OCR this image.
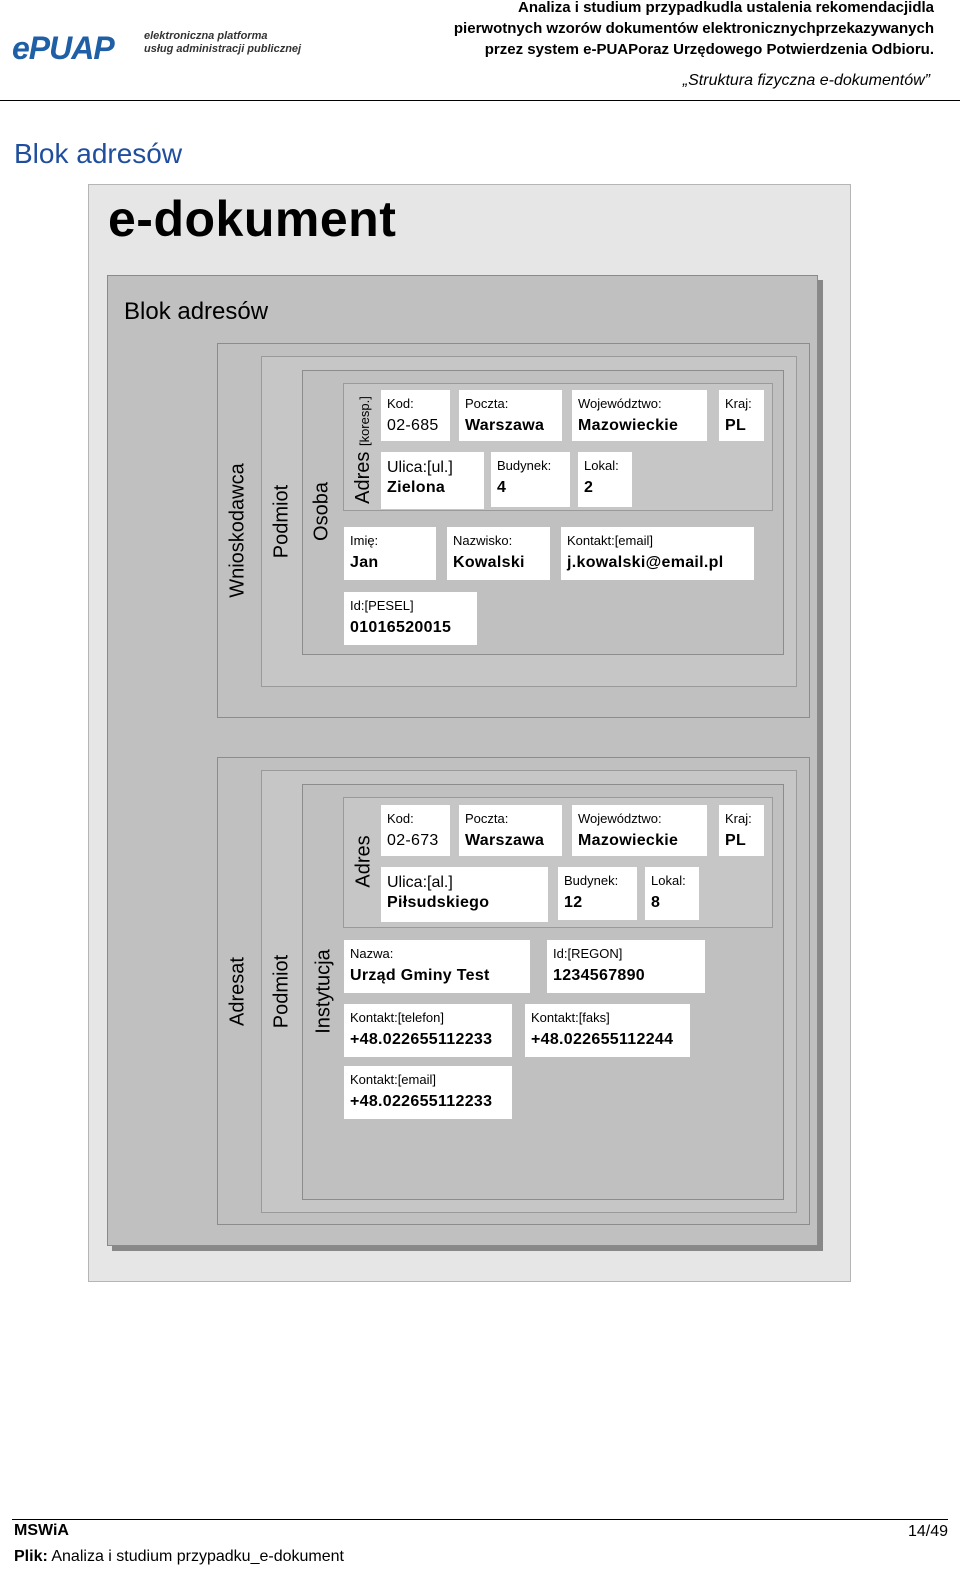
ePUAP	elektroniczna platforma
usług administracji publicznej
Analiza i studium przypadkudla ustalenia rekomendacjidla
pierwotnych wzorów dokumentów elektronicznychprzekazywanych
przez system e-PUAPoraz Urzędowego Potwierdzenia Odbioru.
„Struktura fizyczna e-dokumentów”
Blok adresów
e-dokument
Blok adresów
Wnioskodawca Podmiot Osoba
Adres [koresp.]	Kod:
02-685
Poczta:
Warszawa
Województwo:
Mazowieckie
Kraj:
PL
Ulica:[ul.]
Zielona
Budynek:
4
Lokal:
2
Imię:
Jan
Nazwisko:
Kowalski
Kontakt:[email]
j.kowalski@email.pl
Id:[PESEL]
01016520015
Adresat Podmiot Instytucja
Adres
Kod:
02-673
Poczta:
Warszawa
Województwo:
Mazowieckie
Kraj:
PL
Ulica:[al.]
Piłsudskiego
Budynek:
12
Lokal:
8
Nazwa:
Urząd Gminy Test
Id:[REGON]
1234567890
Kontakt:[telefon]
+48.022655112233
Kontakt:[faks]
+48.022655112244
Kontakt:[email]
+48.022655112233
MSWiA	14/49
Plik: Analiza i studium przypadku_e-dokument
